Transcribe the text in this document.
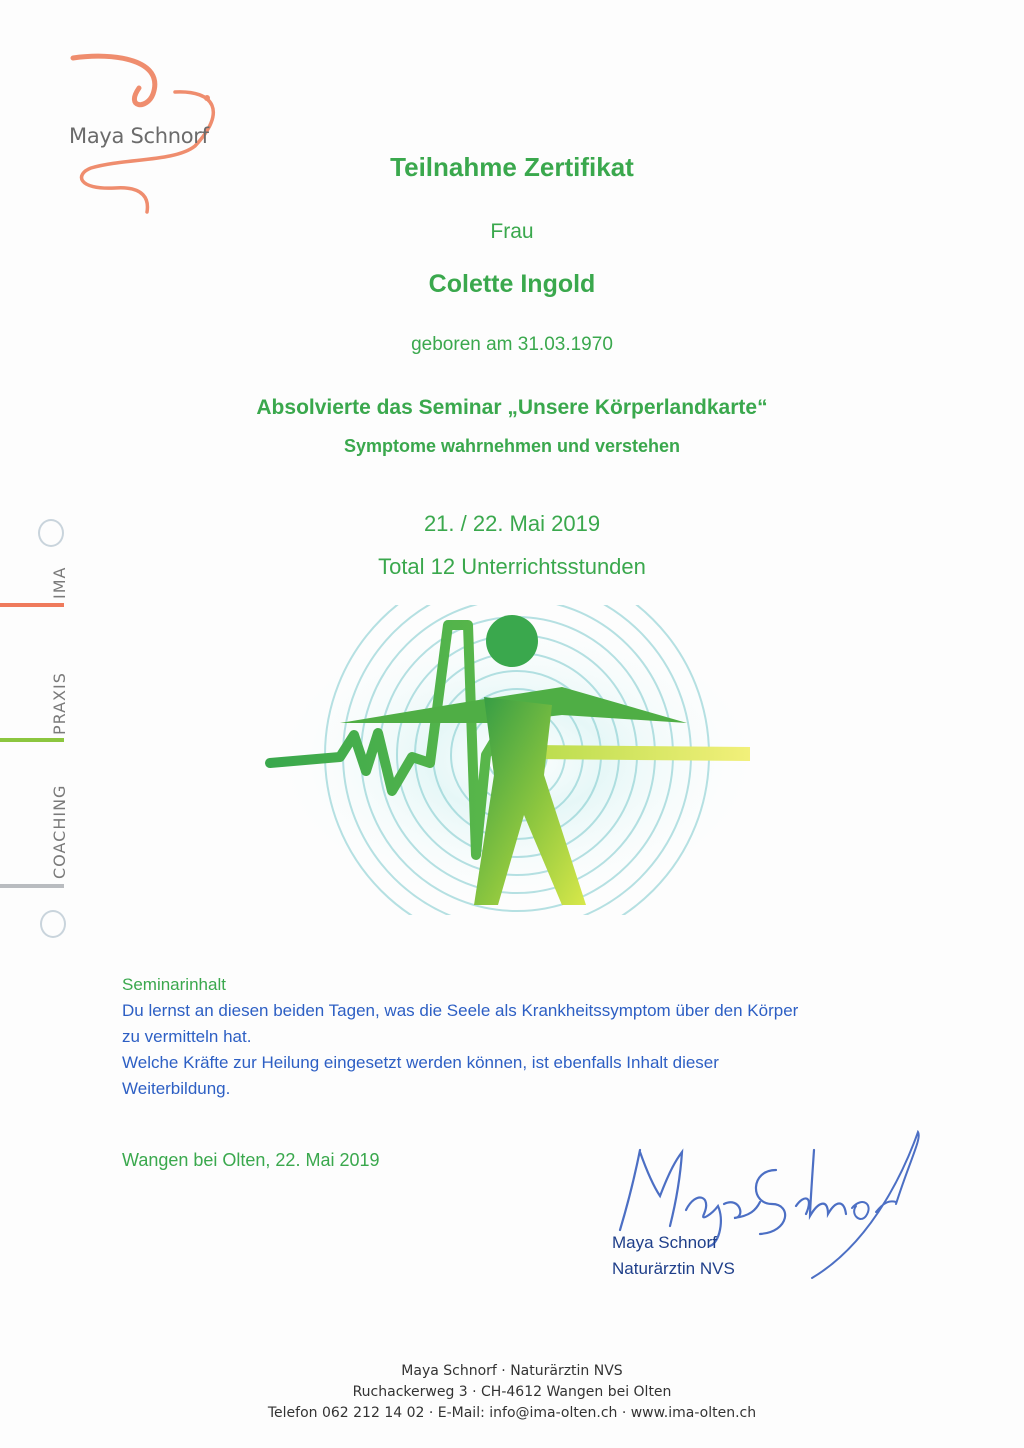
Maya Schnorf
Teilnahme Zertifikat
Frau
Colette Ingold
geboren am 31.03.1970
Absolvierte das Seminar „Unsere Körperlandkarte“
Symptome wahrnehmen und verstehen
21. / 22. Mai 2019
Total 12 Unterrichtsstunden
IMA
PRAXIS
COACHING
Seminarinhalt
Du lernst an diesen beiden Tagen, was die Seele als Krankheitssymptom über den Körper
zu vermitteln hat.
Welche Kräfte zur Heilung eingesetzt werden können, ist ebenfalls Inhalt dieser
Weiterbildung.
Wangen bei Olten, 22. Mai 2019
Maya Schnorf
Naturärztin NVS
Maya Schnorf · Naturärztin NVS
Ruchackerweg 3 · CH-4612 Wangen bei Olten
Telefon 062 212 14 02 · E-Mail: info@ima-olten.ch · www.ima-olten.ch
